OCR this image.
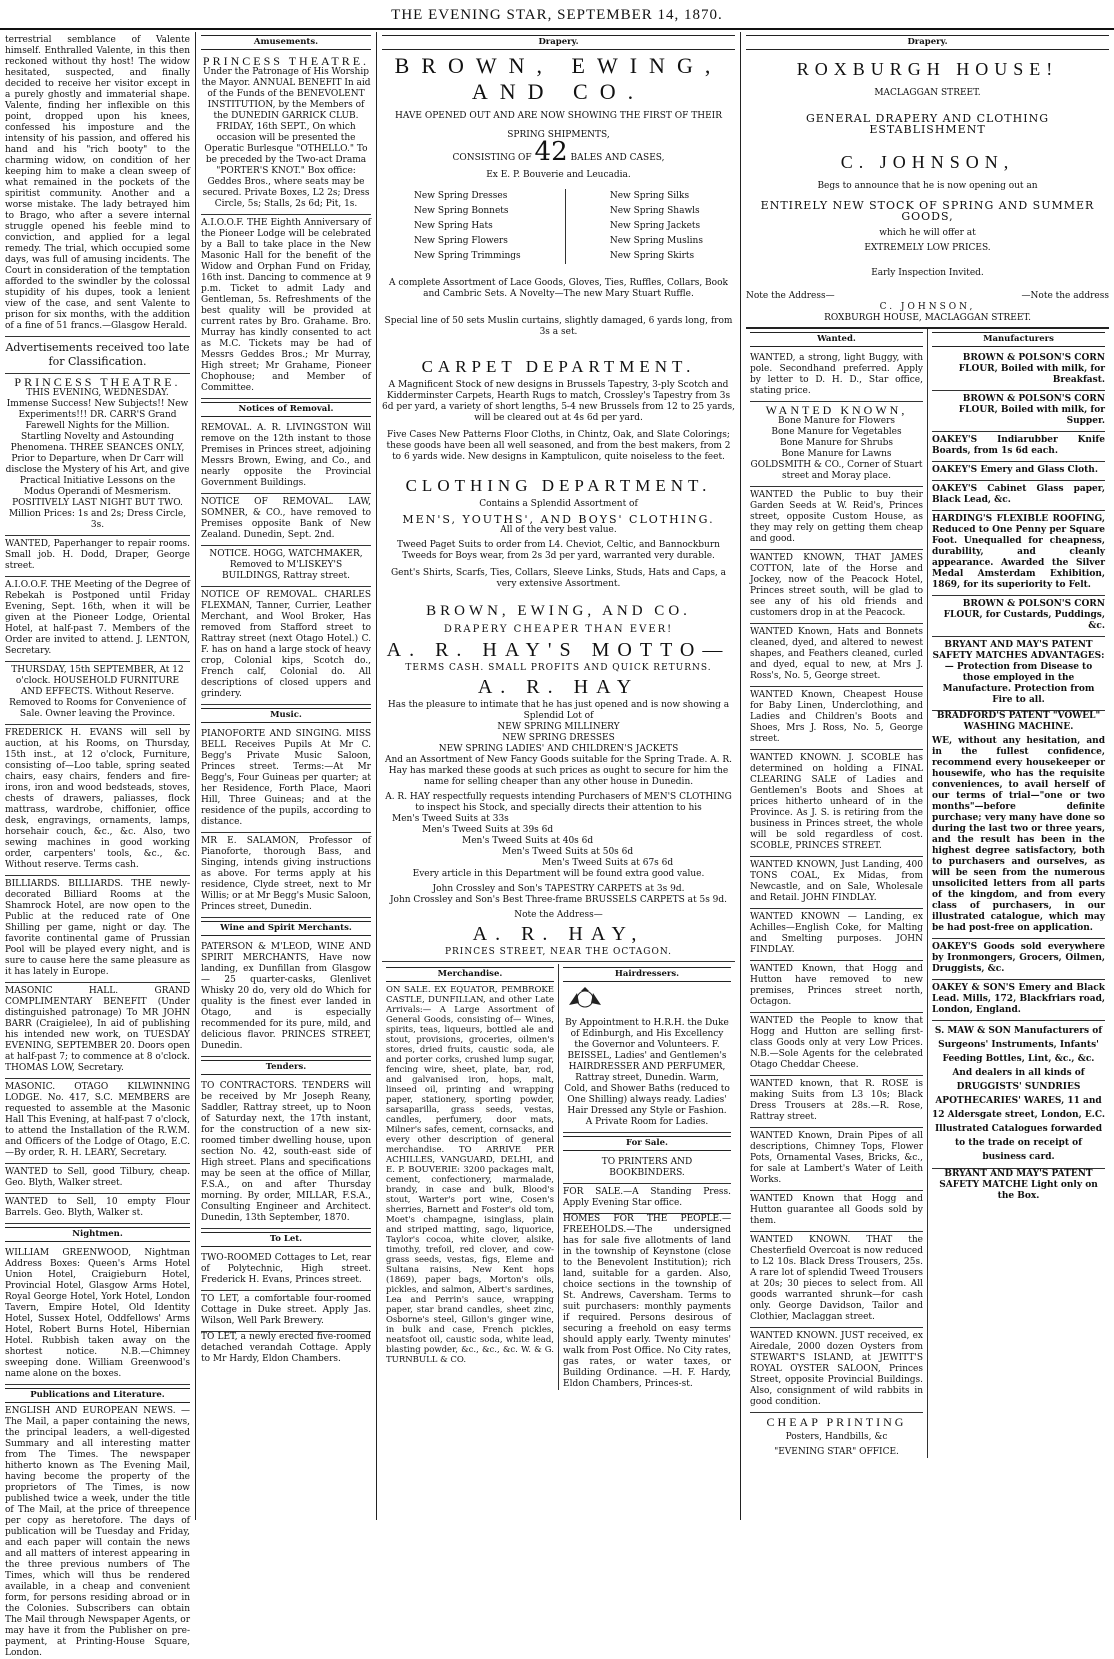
THE EVENING STAR, SEPTEMBER 14, 1870.
terrestrial semblance of Valente himself. Enthralled Valente, in this then reckoned without thy host! The widow hesitated, suspected, and finally decided to receive her visitor except in a purely ghostly and immaterial shape. Valente, finding her inflexible on this point, dropped upon his knees, confessed his imposture and the intensity of his passion, and offered his hand and his "rich booty" to the charming widow, on condition of her keeping him to make a clean sweep of what remained in the pockets of the spiritist community. Another and a worse mistake. The lady betrayed him to Brago, who after a severe internal struggle opened his feeble mind to conviction, and applied for a legal remedy. The trial, which occupied some days, was full of amusing incidents. The Court in consideration of the temptation afforded to the swindler by the colossal stupidity of his dupes, took a lenient view of the case, and sent Valente to prison for six months, with the addition of a fine of 51 francs.—Glasgow Herald.
Advertisements received too late for Classification.
PRINCESS THEATRE.
THIS EVENING, WEDNESDAY. Immense Success! New Subjects!! New Experiments!!! DR. CARR'S Grand Farewell Nights for the Million. Startling Novelty and Astounding Phenomena. THREE SEANCES ONLY, Prior to Departure, when Dr Carr will disclose the Mystery of his Art, and give Practical Initiative Lessons on the Modus Operandi of Mesmerism. POSITIVELY LAST NIGHT BUT TWO. Million Prices: 1s and 2s; Dress Circle, 3s.
WANTED, Paperhanger to repair rooms. Small job. H. Dodd, Draper, George street.
A.I.O.O.F. THE Meeting of the Degree of Rebekah is Postponed until Friday Evening, Sept. 16th, when it will be given at the Pioneer Lodge, Oriental Hotel, at half-past 7. Members of the Order are invited to attend. J. LENTON, Secretary.
THURSDAY, 15th SEPTEMBER, At 12 o'clock. HOUSEHOLD FURNITURE AND EFFECTS. Without Reserve. Removed to Rooms for Convenience of Sale. Owner leaving the Province.
FREDERICK H. EVANS will sell by auction, at his Rooms, on Thursday, 15th inst., at 12 o'clock, Furniture, consisting of—Loo table, spring seated chairs, easy chairs, fenders and fire-irons, iron and wood bedsteads, stoves, chests of drawers, paliasses, flock mattrass, wardrobe, chiffonier, office desk, engravings, ornaments, lamps, horsehair couch, &c., &c. Also, two sewing machines in good working order, carpenters' tools, &c., &c. Without reserve. Terms cash.
BILLIARDS. BILLIARDS. THE newly-decorated Billiard Rooms at the Shamrock Hotel, are now open to the Public at the reduced rate of One Shilling per game, night or day. The favorite continental game of Prussian Pool will be played every night, and is sure to cause here the same pleasure as it has lately in Europe.
MASONIC HALL. GRAND COMPLIMENTARY BENEFIT (Under distinguished patronage) To MR JOHN BARR (Craigielee), In aid of publishing his intended new work, on TUESDAY EVENING, SEPTEMBER 20. Doors open at half-past 7; to commence at 8 o'clock. THOMAS LOW, Secretary.
MASONIC. OTAGO KILWINNING LODGE. No. 417, S.C. MEMBERS are requested to assemble at the Masonic Hall This Evening, at half-past 7 o'clock, to attend the Installation of the R.W.M. and Officers of the Lodge of Otago, E.C.—By order, R. H. LEARY, Secretary.
WANTED to Sell, good Tilbury, cheap. Geo. Blyth, Walker street.
WANTED to Sell, 10 empty Flour Barrels. Geo. Blyth, Walker st.
Nightmen.
WILLIAM GREENWOOD, Nightman Address Boxes: Queen's Arms Hotel Union Hotel, Craigieburn Hotel, Provincial Hotel, Glasgow Arms Hotel, Royal George Hotel, York Hotel, London Tavern, Empire Hotel, Old Identity Hotel, Sussex Hotel, Oddfellows' Arms Hotel, Robert Burns Hotel, Hibernian Hotel. Rubbish taken away on the shortest notice. N.B.—Chimney sweeping done. William Greenwood's name alone on the boxes.
Publications and Literature.
ENGLISH AND EUROPEAN NEWS. —The Mail, a paper containing the news, the principal leaders, a well-digested Summary and all interesting matter from The Times. The newspaper hitherto known as The Evening Mail, having become the property of the proprietors of The Times, is now published twice a week, under the title of The Mail, at the price of threepence per copy as heretofore. The days of publication will be Tuesday and Friday, and each paper will contain the news and all matters of interest appearing in the three previous numbers of The Times, which will thus be rendered available, in a cheap and convenient form, for persons residing abroad or in the Colonies. Subscribers can obtain The Mail through Newspaper Agents, or may have it from the Publisher on pre-payment, at Printing-House Square, London.
Amusements.
PRINCESS THEATRE.
Under the Patronage of His Worship the Mayor. ANNUAL BENEFIT In aid of the Funds of the BENEVOLENT INSTITUTION, by the Members of the DUNEDIN GARRICK CLUB. FRIDAY, 16th SEPT., On which occasion will be presented the Operatic Burlesque "OTHELLO." To be preceded by the Two-act Drama "PORTER'S KNOT." Box office: Geddes Bros., where seats may be secured. Private Boxes, L2 2s; Dress Circle, 5s; Stalls, 2s 6d; Pit, 1s.
A.I.O.O.F. THE Eighth Anniversary of the Pioneer Lodge will be celebrated by a Ball to take place in the New Masonic Hall for the benefit of the Widow and Orphan Fund on Friday, 16th inst. Dancing to commence at 9 p.m. Ticket to admit Lady and Gentleman, 5s. Refreshments of the best quality will be provided at current rates by Bro. Grahame. Bro. Murray has kindly consented to act as M.C. Tickets may be had of Messrs Geddes Bros.; Mr Murray, High street; Mr Grahame, Pioneer Chophouse; and Member of Committee.
Notices of Removal.
REMOVAL. A. R. LIVINGSTON Will remove on the 12th instant to those Premises in Princes street, adjoining Messrs Brown, Ewing, and Co., and nearly opposite the Provincial Government Buildings.
NOTICE OF REMOVAL. LAW, SOMNER, & CO., have removed to Premises opposite Bank of New Zealand. Dunedin, Sept. 2nd.
NOTICE. HOGG, WATCHMAKER, Removed to M'LISKEY'S BUILDINGS, Rattray street.
NOTICE OF REMOVAL. CHARLES FLEXMAN, Tanner, Currier, Leather Merchant, and Wool Broker, Has removed from Stafford street to Rattray street (next Otago Hotel.) C. F. has on hand a large stock of heavy crop, Colonial kips, Scotch do., French calf, Colonial do. All descriptions of closed uppers and grindery.
Music.
PIANOFORTE AND SINGING. MISS BELL Receives Pupils At Mr C. Begg's Private Music Saloon, Princes street. Terms:—At Mr Begg's, Four Guineas per quarter; at her Residence, Forth Place, Maori Hill, Three Guineas; and at the residence of the pupils, according to distance.
MR E. SALAMON, Professor of Pianoforte, thorough Bass, and Singing, intends giving instructions as above. For terms apply at his residence, Clyde street, next to Mr Willis; or at Mr Begg's Music Saloon, Princes street, Dunedin.
Wine and Spirit Merchants.
PATERSON & M'LEOD, WINE AND SPIRIT MERCHANTS, Have now landing, ex Dunfillan from Glasgow— 25 quarter-casks, Glenlivet Whisky 20 do, very old do Which for quality is the finest ever landed in Otago, and is especially recommended for its pure, mild, and delicious flavor. PRINCES STREET, Dunedin.
Tenders.
TO CONTRACTORS. TENDERS will be received by Mr Joseph Reany, Saddler, Rattray street, up to Noon of Saturday next, the 17th instant, for the construction of a new six-roomed timber dwelling house, upon section No. 42, south-east side of High street. Plans and specifications may be seen at the office of Millar, F.S.A., on and after Thursday morning. By order, MILLAR, F.S.A., Consulting Engineer and Architect. Dunedin, 13th September, 1870.
To Let.
TWO-ROOMED Cottages to Let, rear of Polytechnic, High street. Frederick H. Evans, Princes street.
TO LET, a comfortable four-roomed Cottage in Duke street. Apply Jas. Wilson, Well Park Brewery.
TO LET, a newly erected five-roomed detached verandah Cottage. Apply to Mr Hardy, Eldon Chambers.
Drapery.
BROWN, EWING, AND CO.
HAVE OPENED OUT AND ARE NOW SHOWING THE FIRST OF THEIR
SPRING SHIPMENTS,
CONSISTING OF 42 BALES AND CASES,
Ex E. P. Bouverie and Leucadia.
New Spring Dresses
New Spring Bonnets
New Spring Hats
New Spring Flowers
New Spring Trimmings
New Spring Silks
New Spring Shawls
New Spring Jackets
New Spring Muslins
New Spring Skirts
A complete Assortment of Lace Goods, Gloves, Ties, Ruffles, Collars, Book and Cambric Sets. A Novelty—The new Mary Stuart Ruffle.
Special line of 50 sets Muslin curtains, slightly damaged, 6 yards long, from 3s a set.
CARPET DEPARTMENT.
A Magnificent Stock of new designs in Brussels Tapestry, 3-ply Scotch and Kidderminster Carpets, Hearth Rugs to match, Crossley's Tapestry from 3s 6d per yard, a variety of short lengths, 5-4 new Brussels from 12 to 25 yards, will be cleared out at 4s 6d per yard.
Five Cases New Patterns Floor Cloths, in Chintz, Oak, and Slate Colorings; these goods have been all well seasoned, and from the best makers, from 2 to 6 yards wide. New designs in Kamptulicon, quite noiseless to the feet.
CLOTHING DEPARTMENT.
Contains a Splendid Assortment of
MEN'S, YOUTHS', AND BOYS' CLOTHING.
All of the very best value.
Tweed Paget Suits to order from L4. Cheviot, Celtic, and Bannockburn Tweeds for Boys wear, from 2s 3d per yard, warranted very durable.
Gent's Shirts, Scarfs, Ties, Collars, Sleeve Links, Studs, Hats and Caps, a very extensive Assortment.
BROWN, EWING, AND CO.
DRAPERY CHEAPER THAN EVER!
A. R. HAY'S MOTTO—
TERMS CASH. SMALL PROFITS AND QUICK RETURNS.
A. R. HAY
Has the pleasure to intimate that he has just opened and is now showing a Splendid Lot of
NEW SPRING MILLINERY
NEW SPRING DRESSES
NEW SPRING LADIES' AND CHILDREN'S JACKETS
And an Assortment of New Fancy Goods suitable for the Spring Trade. A. R. Hay has marked these goods at such prices as ought to secure for him the name for selling cheaper than any other house in Dunedin.
A. R. HAY respectfully requests intending Purchasers of MEN'S CLOTHING to inspect his Stock, and specially directs their attention to his
Men's Tweed Suits at 33s
Men's Tweed Suits at 39s 6d
Men's Tweed Suits at 40s 6d
Men's Tweed Suits at 50s 6d
Men's Tweed Suits at 67s 6d
Every article in this Department will be found extra good value.
John Crossley and Son's TAPESTRY CARPETS at 3s 9d.
John Crossley and Son's Best Three-frame BRUSSELS CARPETS at 5s 9d.
Note the Address—
A. R. HAY,
PRINCES STREET, NEAR THE OCTAGON.
Merchandise.
ON SALE. EX EQUATOR, PEMBROKE CASTLE, DUNFILLAN, and other Late Arrivals:— A Large Assortment of General Goods, consisting of— Wines, spirits, teas, liqueurs, bottled ale and stout, provisions, groceries, oilmen's stores, dried fruits, caustic soda, ale and porter corks, crushed lump sugar, fencing wire, sheet, plate, bar, rod, and galvanised iron, hops, malt, linseed oil, printing and wrapping paper, stationery, sporting powder, sarsaparilla, grass seeds, vestas, candles, perfumery, door mats, Milner's safes, cement, cornsacks, and every other description of general merchandise. TO ARRIVE PER ACHILLES, VANGUARD, DELHI, and E. P. BOUVERIE: 3200 packages malt, cement, confectionery, marmalade, brandy, in case and bulk, Blood's stout, Warter's port wine, Cosen's sherries, Barnett and Foster's old tom, Moet's champagne, isinglass, plain and striped matting, sago, liquorice, Taylor's cocoa, white clover, alsike, timothy, trefoil, red clover, and cow-grass seeds, vestas, figs, Eleme and Sultana raisins, New Kent hops (1869), paper bags, Morton's oils, pickles, and salmon, Albert's sardines, Lea and Perrin's sauce, wrapping paper, star brand candles, sheet zinc, Osborne's steel, Gillon's ginger wine, in bulk and case, French pickles, neatsfoot oil, caustic soda, white lead, blasting powder, &c., &c., &c. W. & G. TURNBULL & CO.
Hairdressers.
By Appointment to H.R.H. the Duke of Edinburgh, and His Excellency the Governor and Volunteers. F. BEISSEL, Ladies' and Gentlemen's HAIRDRESSER AND PERFUMER, Rattray street, Dunedin. Warm, Cold, and Shower Baths (reduced to One Shilling) always ready. Ladies' Hair Dressed any Style or Fashion. A Private Room for Ladies.
For Sale.
TO PRINTERS AND BOOKBINDERS.
FOR SALE.—A Standing Press. Apply Evening Star office.
HOMES FOR THE PEOPLE.—FREEHOLDS.—The undersigned has for sale five allotments of land in the township of Keynstone (close to the Benevolent Institution); rich land, suitable for a garden. Also, choice sections in the township of St. Andrews, Caversham. Terms to suit purchasers: monthly payments if required. Persons desirous of securing a freehold on easy terms should apply early. Twenty minutes' walk from Post Office. No City rates, gas rates, or water taxes, or Building Ordinance. —H. F. Hardy, Eldon Chambers, Princes-st.
Drapery.
ROXBURGH HOUSE!
MACLAGGAN STREET.
GENERAL DRAPERY AND CLOTHING ESTABLISHMENT
C. JOHNSON,
Begs to announce that he is now opening out an
ENTIRELY NEW STOCK OF SPRING AND SUMMER GOODS,
which he will offer at
EXTREMELY LOW PRICES.
Early Inspection Invited.
Note the Address—	—Note the address
C. JOHNSON,
ROXBURGH HOUSE, MACLAGGAN STREET.
Wanted.
WANTED, a strong, light Buggy, with pole. Secondhand preferred. Apply by letter to D. H. D., Star office, stating price.
WANTED KNOWN,
Bone Manure for Flowers
Bone Manure for Vegetables
Bone Manure for Shrubs
Bone Manure for Lawns
GOLDSMITH & CO., Corner of Stuart street and Moray place.
WANTED the Public to buy their Garden Seeds at W. Reid's, Princes street, opposite Custom House, as they may rely on getting them cheap and good.
WANTED KNOWN, THAT JAMES COTTON, late of the Horse and Jockey, now of the Peacock Hotel, Princes street south, will be glad to see any of his old friends and customers drop in at the Peacock.
WANTED Known, Hats and Bonnets cleaned, dyed, and altered to newest shapes, and Feathers cleaned, curled and dyed, equal to new, at Mrs J. Ross's, No. 5, George street.
WANTED Known, Cheapest House for Baby Linen, Underclothing, and Ladies and Children's Boots and Shoes, Mrs J. Ross, No. 5, George street.
WANTED KNOWN. J. SCOBLE has determined on holding a FINAL CLEARING SALE of Ladies and Gentlemen's Boots and Shoes at prices hitherto unheard of in the Province. As J. S. is retiring from the business in Princes street, the whole will be sold regardless of cost. SCOBLE, PRINCES STREET.
WANTED KNOWN, Just Landing, 400 TONS COAL, Ex Midas, from Newcastle, and on Sale, Wholesale and Retail. JOHN FINDLAY.
WANTED KNOWN — Landing, ex Achilles—English Coke, for Malting and Smelting purposes. JOHN FINDLAY.
WANTED Known, that Hogg and Hutton have removed to new premises, Princes street north, Octagon.
WANTED the People to know that Hogg and Hutton are selling first-class Goods only at very Low Prices. N.B.—Sole Agents for the celebrated Otago Cheddar Cheese.
WANTED known, that R. ROSE is making Suits from L3 10s; Black Dress Trousers at 28s.—R. Rose, Rattray street.
WANTED Known, Drain Pipes of all descriptions, Chimney Tops, Flower Pots, Ornamental Vases, Bricks, &c., for sale at Lambert's Water of Leith Works.
WANTED Known that Hogg and Hutton guarantee all Goods sold by them.
WANTED KNOWN. THAT the Chesterfield Overcoat is now reduced to L2 10s. Black Dress Trousers, 25s. A rare lot of splendid Tweed Trousers at 20s; 30 pieces to select from. All goods warranted shrunk—for cash only. George Davidson, Tailor and Clothier, Maclaggan street.
WANTED KNOWN. JUST received, ex Airedale, 2000 dozen Oysters from STEWART'S ISLAND, at JEWITT'S ROYAL OYSTER SALOON, Princes Street, opposite Provincial Buildings. Also, consignment of wild rabbits in good condition.
CHEAP PRINTING
Posters, Handbills, &c
"EVENING STAR" OFFICE.
Manufacturers
BROWN & POLSON'S CORN FLOUR, Boiled with milk, for Breakfast.
BROWN & POLSON'S CORN FLOUR, Boiled with milk, for Supper.
OAKEY'S Indiarubber Knife Boards, from 1s 6d each.
OAKEY'S Emery and Glass Cloth.
OAKEY'S Cabinet Glass paper, Black Lead, &c.
HARDING'S FLEXIBLE ROOFING, Reduced to One Penny per Square Foot. Unequalled for cheapness, durability, and cleanly appearance. Awarded the Silver Medal Amsterdam Exhibition, 1869, for its superiority to Felt.
BROWN & POLSON'S CORN FLOUR, for Custards, Puddings, &c.
BRYANT AND MAY'S PATENT SAFETY MATCHES ADVANTAGES:— Protection from Disease to those employed in the Manufacture. Protection from Fire to all.
BRADFORD'S PATENT "VOWEL" WASHING MACHINE.
WE, without any hesitation, and in the fullest confidence, recommend every housekeeper or housewife, who has the requisite conveniences, to avail herself of our terms of trial—"one or two months"—before definite purchase; very many have done so during the last two or three years, and the result has been in the highest degree satisfactory, both to purchasers and ourselves, as will be seen from the numerous unsolicited letters from all parts of the kingdom, and from every class of purchasers, in our illustrated catalogue, which may be had post-free on application.
OAKEY'S Goods sold everywhere by Ironmongers, Grocers, Oilmen, Druggists, &c.
OAKEY & SON'S Emery and Black Lead. Mills, 172, Blackfriars road, London, England.
S. MAW & SON Manufacturers of Surgeons' Instruments, Infants' Feeding Bottles, Lint, &c., &c. And dealers in all kinds of DRUGGISTS' SUNDRIES APOTHECARIES' WARES, 11 and 12 Aldersgate street, London, E.C. Illustrated Catalogues forwarded to the trade on receipt of business card.
BRYANT AND MAY'S PATENT SAFETY MATCHE Light only on the Box.
